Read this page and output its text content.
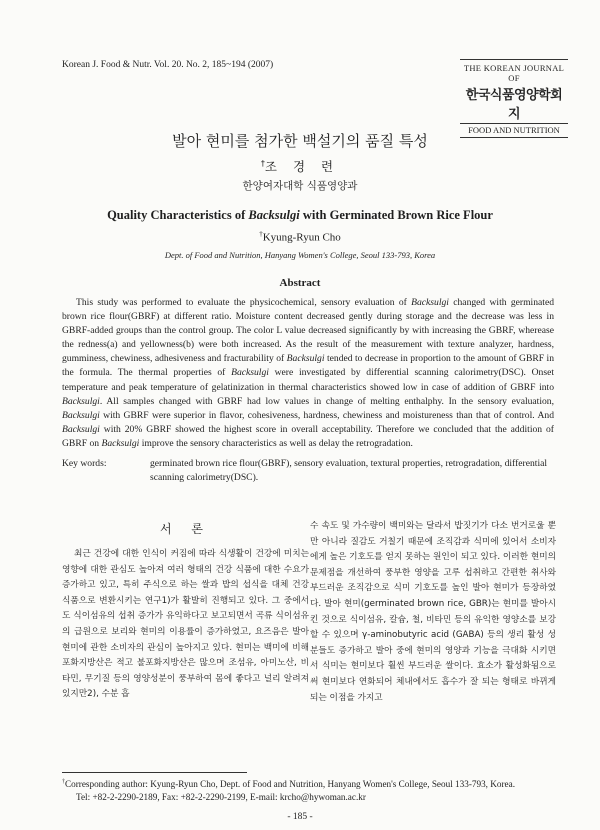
Korean J. Food & Nutr. Vol. 20. No. 2, 185~194 (2007)	THE KOREAN JOURNAL OF
한국식품영양학회지
FOOD AND NUTRITION
발아 현미를 첨가한 백설기의 품질 특성
†조 경 련
한양여자대학 식품영양과
Quality Characteristics of Backsulgi with Germinated Brown Rice Flour
†Kyung-Ryun Cho
Dept. of Food and Nutrition, Hanyang Women's College, Seoul 133-793, Korea
Abstract

This study was performed to evaluate the physicochemical, sensory evaluation of Backsulgi changed with germinated brown rice flour(GBRF) at different ratio. Moisture content decreased gently during storage and the decrease was less in GBRF-added groups than the control group. The color L value decreased significantly by with increasing the GBRF, wherease the redness(a) and yellowness(b) were both increased. As the result of the measurement with texture analyzer, hardness, gumminess, chewiness, adhesiveness and fracturability of Backsulgi tended to decrease in proportion to the amount of GBRF in the formula. The thermal properties of Backsulgi were investigated by differential scanning calorimetry(DSC). Onset temperature and peak temperature of gelatinization in thermal characteristics showed low in case of addition of GBRF into Backsulgi. All samples changed with GBRF had low values in change of melting enthalphy. In the sensory evaluation, Backsulgi with GBRF were superior in flavor, cohesiveness, hardness, chewiness and moistureness than that of control. And Backsulgi with 20% GBRF showed the highest score in overall acceptability. Therefore we concluded that the addition of GBRF on Backsulgi improve the sensory characteristics as well as delay the retrogradation.

Key words:	germinated brown rice flour(GBRF), sensory evaluation, textural properties, retrogradation, differential scanning calorimetry(DSC).
서 론

최근 건강에 대한 인식이 커짐에 따라 식생활이 건강에 미치는 영향에 대한 관심도 높아져 여러 형태의 건강 식품에 대한 수요가 증가하고 있고, 특히 주식으로 하는 쌀과 밥의 섭식을 대체 건강 식품으로 변환시키는 연구1)가 활발히 진행되고 있다. 그 중에서도 식이섬유의 섭취 증가가 유익하다고 보고되면서 곡류 식이섬유의 급원으로 보리와 현미의 이용률이 증가하였고, 요즈음은 발아 현미에 관한 소비자의 관심이 높아지고 있다. 현미는 백미에 비해 포화지방산은 적고 불포화지방산은 많으며 조섬유, 아미노산, 비타민, 무기질 등의 영양성분이 풍부하여 몸에 좋다고 널리 알려져 있지만2), 수분 흡

수 속도 및 가수량이 백미와는 달라서 밥짓기가 다소 번거로울 뿐만 아니라 질감도 거칠기 때문에 조직감과 식미에 있어서 소비자에게 높은 기호도를 얻지 못하는 원인이 되고 있다. 이러한 현미의 문제점을 개선하여 풍부한 영양을 고루 섭취하고 간편한 취사와 부드러운 조직감으로 식미 기호도를 높인 발아 현미가 등장하였다. 발아 현미(germinated brown rice, GBR)는 현미를 발아시킨 것으로 식이섬유, 칼슘, 철, 비타민 등의 유익한 영양소를 보강할 수 있으며 γ-aminobutyric acid (GABA) 등의 생리 활성 성분들도 증가하고 발아 중에 현미의 영양과 기능을 극대화 시키면서 식미는 현미보다 훨씬 부드러운 쌀이다. 효소가 활성화됨으로써 현미보다 연화되어 체내에서도 흡수가 잘 되는 형태로 바뀌게 되는 이점을 가지고

†Corresponding author: Kyung-Ryun Cho, Dept. of Food and Nutrition, Hanyang Women's College, Seoul 133-793, Korea.
Tel: +82-2-2290-2189, Fax: +82-2-2290-2199, E-mail: krcho@hywoman.ac.kr
- 185 -
